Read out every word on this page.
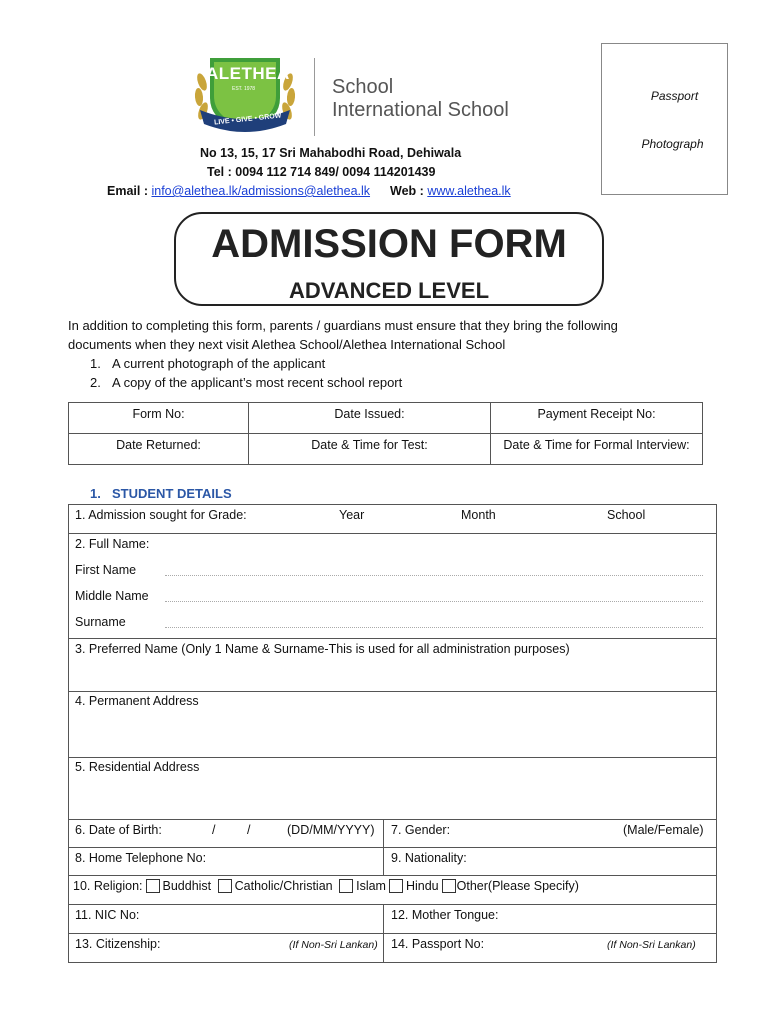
ALETHEA
EST. 1978
LIVE • GIVE • GROW
School
International School
No 13, 15, 17 Sri Mahabodhi Road, Dehiwala
Tel : 0094 112 714 849/ 0094 114201439
Email : info@alethea.lk/admissions@alethea.lk Web : www.alethea.lk
Passport
Photograph
ADMISSION FORM
ADVANCED LEVEL
In addition to completing this form, parents / guardians must ensure that they bring the following
documents when they next visit Alethea School/Alethea International School
1. A current photograph of the applicant
2. A copy of the applicant’s most recent school report
Form No:	Date Issued:	Payment Receipt No:
Date Returned:	Date & Time for Test:	Date & Time for Formal Interview:
1. STUDENT DETAILS
1. Admission sought for Grade:	Year	Month	School
2. Full Name:
First Name
Middle Name
Surname
3. Preferred Name (Only 1 Name & Surname-This is used for all administration purposes)
4. Permanent Address
5. Residential Address
6. Date of Birth:	/	/	(DD/MM/YYYY) 7. Gender:	(Male/Female)
8. Home Telephone No:	9. Nationality:
10. Religion: Buddhist Catholic/Christian Islam Hindu Other(Please Specify)
11. NIC No:	12. Mother Tongue:
13. Citizenship:	(If Non-Sri Lankan) 14. Passport No:	(If Non-Sri Lankan)
